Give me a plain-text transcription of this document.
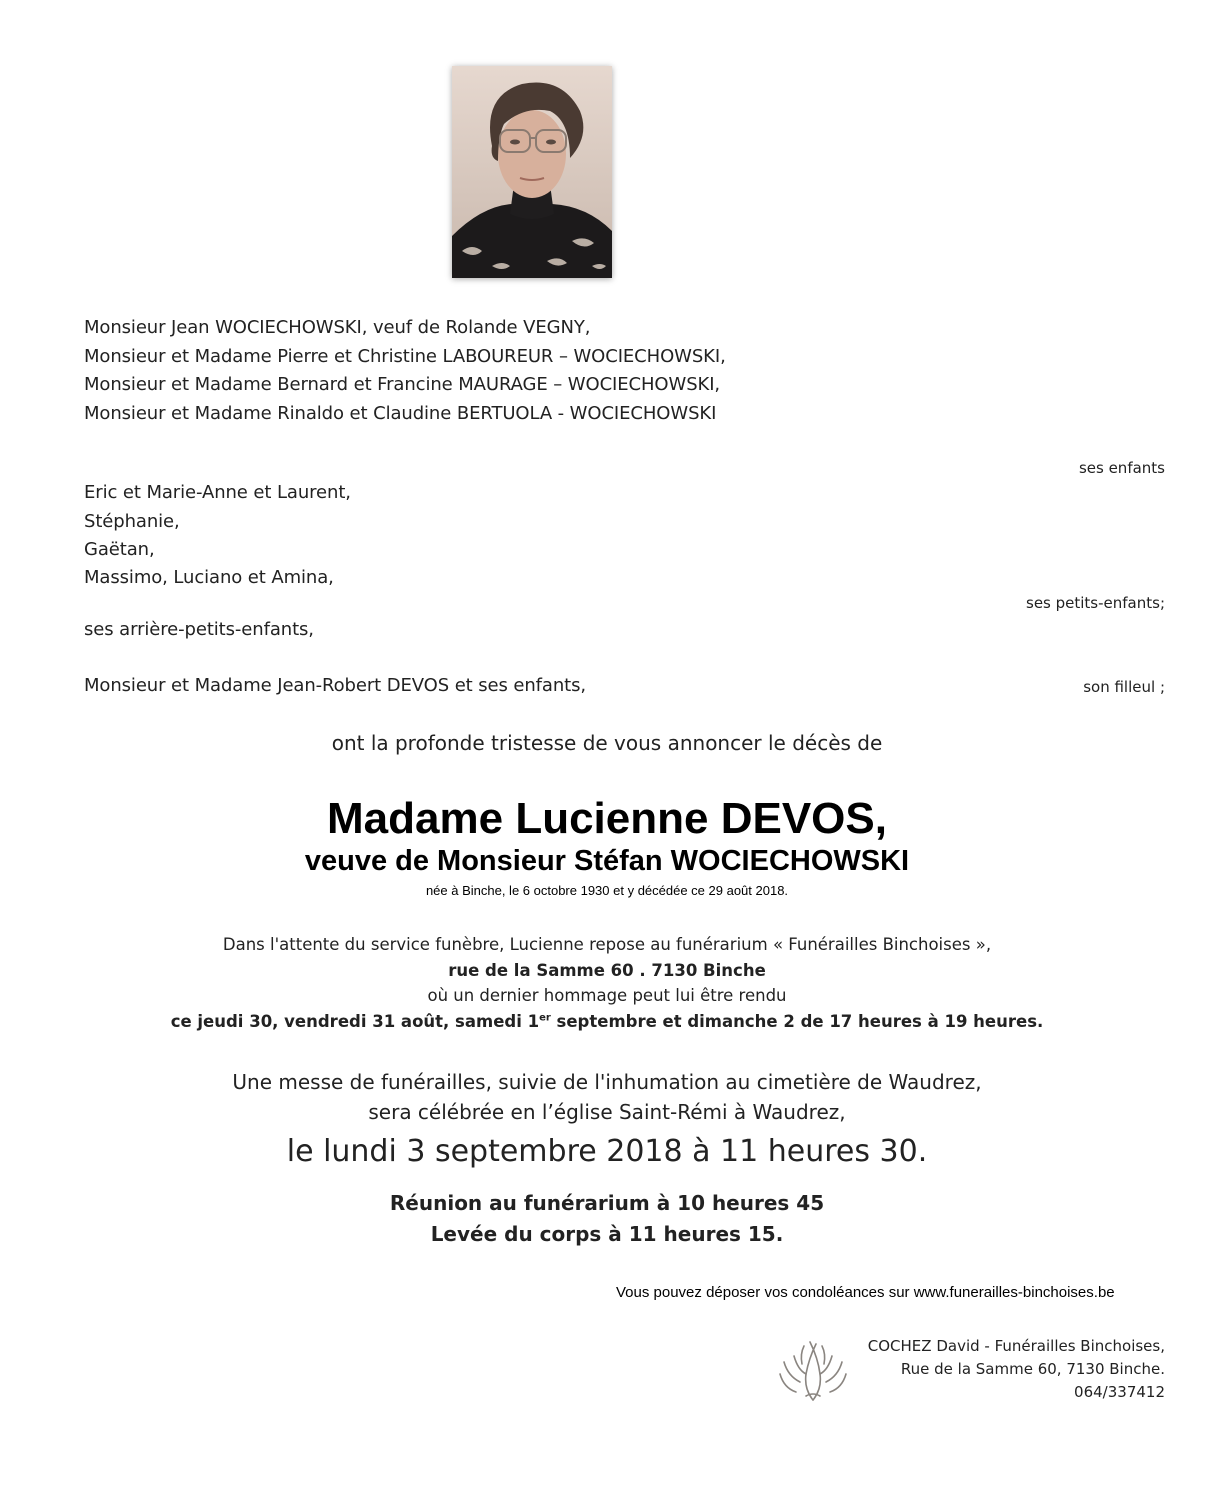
Monsieur Jean WOCIECHOWSKI, veuf de Rolande VEGNY,
Monsieur et Madame Pierre et Christine LABOUREUR – WOCIECHOWSKI,
Monsieur et Madame Bernard et Francine MAURAGE – WOCIECHOWSKI,
Monsieur et Madame Rinaldo et Claudine BERTUOLA - WOCIECHOWSKI
ses enfants
Eric et Marie-Anne et Laurent,
Stéphanie,
Gaëtan,
Massimo, Luciano et Amina,
ses petits-enfants;
ses arrière-petits-enfants,
Monsieur et Madame Jean-Robert DEVOS et ses enfants,	son filleul ;
ont la profonde tristesse de vous annoncer le décès de
Madame Lucienne DEVOS,
veuve de Monsieur Stéfan WOCIECHOWSKI
née à Binche, le 6 octobre 1930 et y décédée ce 29 août 2018.
Dans l'attente du service funèbre, Lucienne repose au funérarium « Funérailles Binchoises »,
rue de la Samme 60 . 7130 Binche
où un dernier hommage peut lui être rendu
ce jeudi 30, vendredi 31 août, samedi 1er septembre et dimanche 2 de 17 heures à 19 heures.
Une messe de funérailles, suivie de l'inhumation au cimetière de Waudrez,
sera célébrée en l’église Saint-Rémi à Waudrez,
le lundi 3 septembre 2018 à 11 heures 30.
Réunion au funérarium à 10 heures 45
Levée du corps à 11 heures 15.
Vous pouvez déposer vos condoléances sur www.funerailles-binchoises.be
COCHEZ David - Funérailles Binchoises,
Rue de la Samme 60, 7130 Binche.
064/337412
